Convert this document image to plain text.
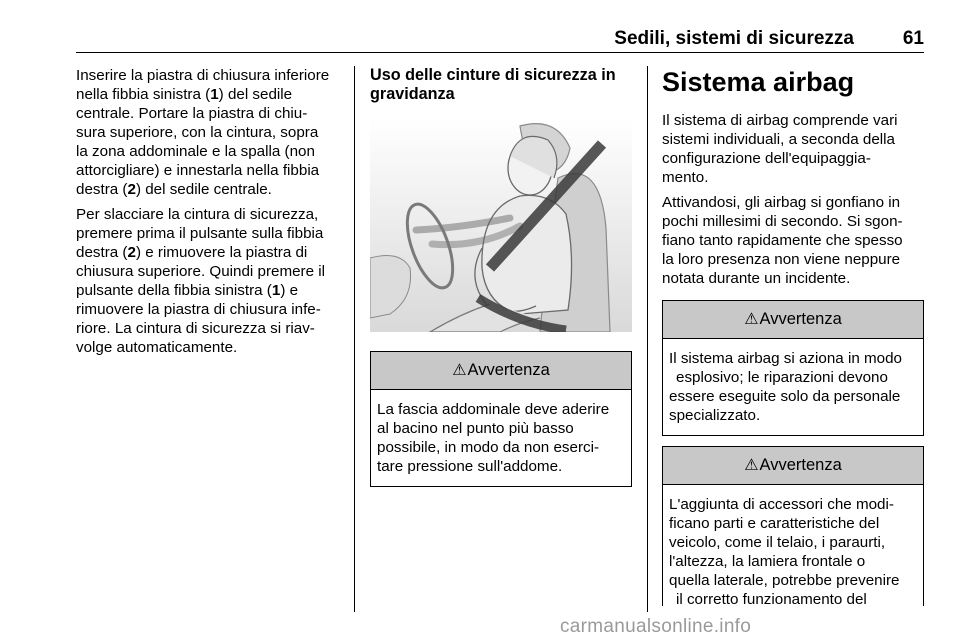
Sedili, sistemi di sicurezza	61

Inserire la piastra di chiusura inferiore
nella fibbia sinistra (1) del sedile
centrale. Portare la piastra di chiu-
sura superiore, con la cintura, sopra
la zona addominale e la spalla (non
attorcigliare) e innestarla nella fibbia
destra (2) del sedile centrale.

Per slacciare la cintura di sicurezza,
premere prima il pulsante sulla fibbia
destra (2) e rimuovere la piastra di
chiusura superiore. Quindi premere il
pulsante della fibbia sinistra (1) e
rimuovere la piastra di chiusura infe-
riore. La cintura di sicurezza si riav-
volge automaticamente.

Uso delle cinture di sicurezza in
gravidanza
⚠ Avvertenza
La fascia addominale deve aderire
al bacino nel punto più basso
possibile, in modo da non eserci-
tare pressione sull'addome.
Sistema airbag

Il sistema di airbag comprende vari
sistemi individuali, a seconda della
configurazione dell'equipaggia-
mento.

Attivandosi, gli airbag si gonfiano in
pochi millesimi di secondo. Si sgon-
fiano tanto rapidamente che spesso
la loro presenza non viene neppure
notata durante un incidente.

⚠ Avvertenza
Il sistema airbag si aziona in modo
esplosivo; le riparazioni devono
essere eseguite solo da personale
specializzato.
⚠ Avvertenza
L'aggiunta di accessori che modi-
ficano parti e caratteristiche del
veicolo, come il telaio, i paraurti,
l'altezza, la lamiera frontale o
quella laterale, potrebbe prevenire
il corretto funzionamento del
carmanualsonline.info
